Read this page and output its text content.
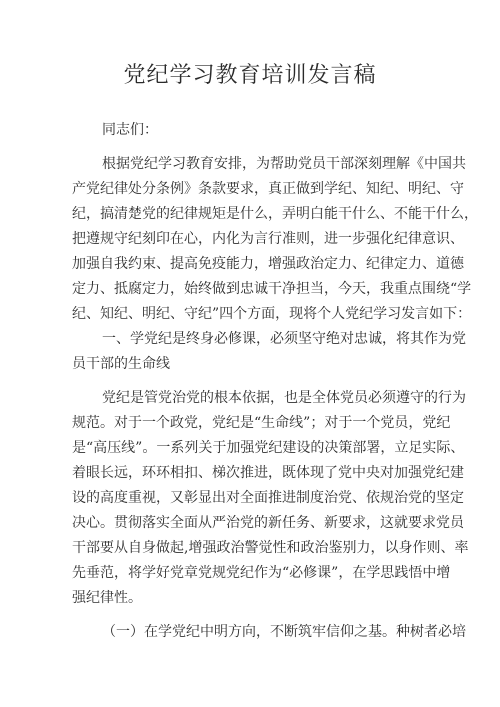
党纪学习教育培训发言稿
同志们：
根据党纪学习教育安排，为帮助党员干部深刻理解《中国共
产党纪律处分条例》条款要求，真正做到学纪、知纪、明纪、守
纪，搞清楚党的纪律规矩是什么，弄明白能干什么、不能干什么，
把遵规守纪刻印在心，内化为言行准则，进一步强化纪律意识、
加强自我约束、提高免疫能力，增强政治定力、纪律定力、道德
定力、抵腐定力，始终做到忠诚干净担当，今天，我重点围绕“学
纪、知纪、明纪、守纪”四个方面，现将个人党纪学习发言如下：
一、学党纪是终身必修课，必须坚守绝对忠诚，将其作为党
员干部的生命线
党纪是管党治党的根本依据，也是全体党员必须遵守的行为
规范。对于一个政党，党纪是“生命线”；对于一个党员，党纪
是“高压线”。一系列关于加强党纪建设的决策部署，立足实际、
着眼长远，环环相扣、梯次推进，既体现了党中央对加强党纪建
设的高度重视，又彰显出对全面推进制度治党、依规治党的坚定
决心。贯彻落实全面从严治党的新任务、新要求，这就要求党员
干部要从自身做起,增强政治警觉性和政治鉴别力，以身作则、率
先垂范，将学好党章党规党纪作为“必修课”，在学思践悟中增
强纪律性。
（一）在学党纪中明方向，不断筑牢信仰之基。种树者必培
